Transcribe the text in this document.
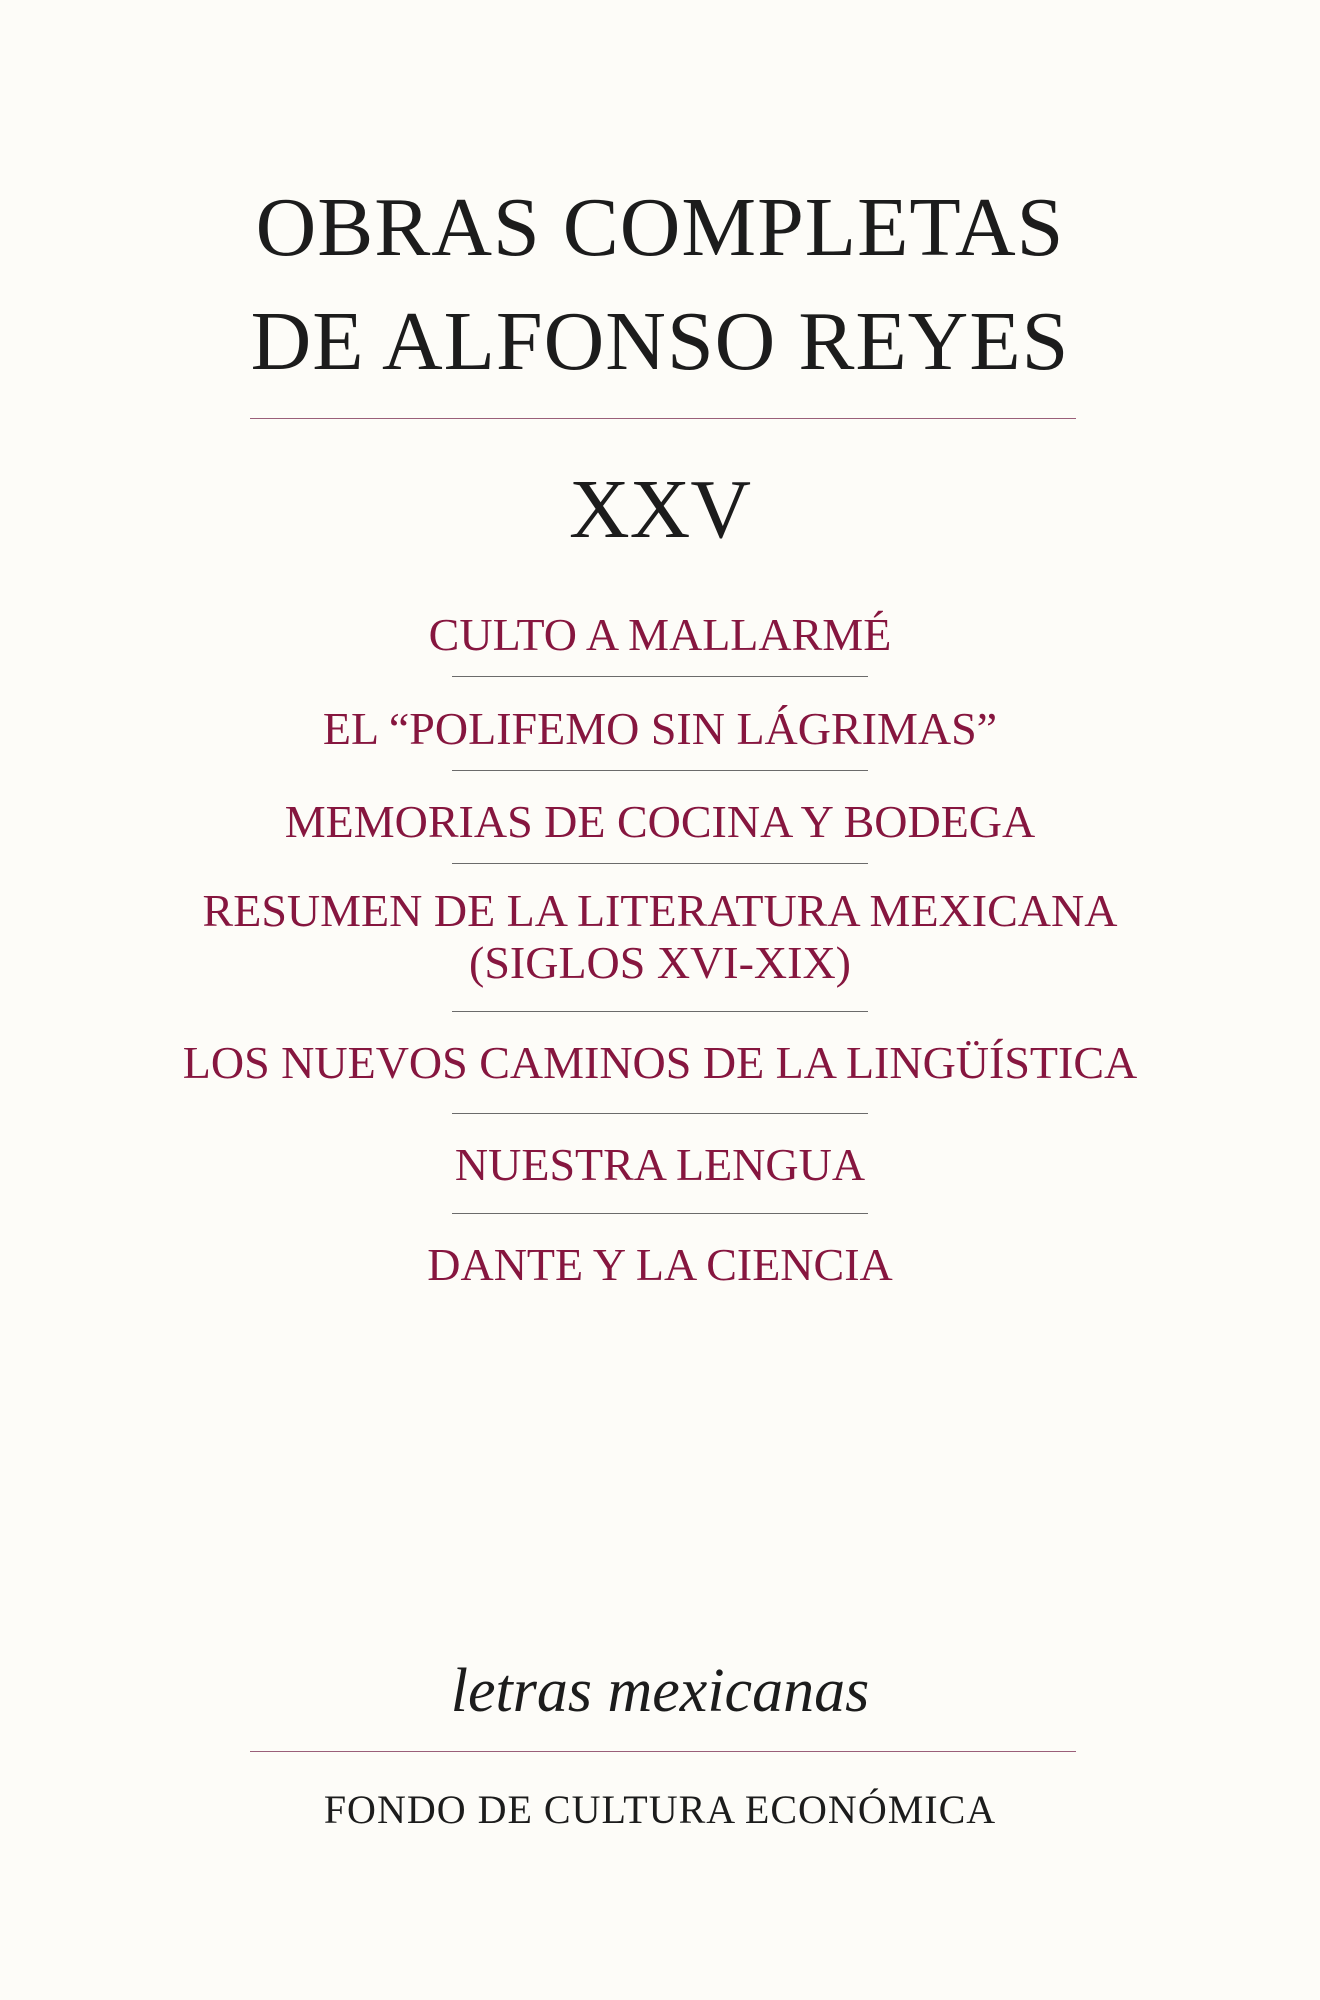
OBRAS COMPLETAS
DE ALFONSO REYES
XXV
CULTO A MALLARMÉ
EL “POLIFEMO SIN LÁGRIMAS”
MEMORIAS DE COCINA Y BODEGA
RESUMEN DE LA LITERATURA MEXICANA
(SIGLOS XVI-XIX)
LOS NUEVOS CAMINOS DE LA LINGÜÍSTICA
NUESTRA LENGUA
DANTE Y LA CIENCIA
letras mexicanas
FONDO DE CULTURA ECONÓMICA
